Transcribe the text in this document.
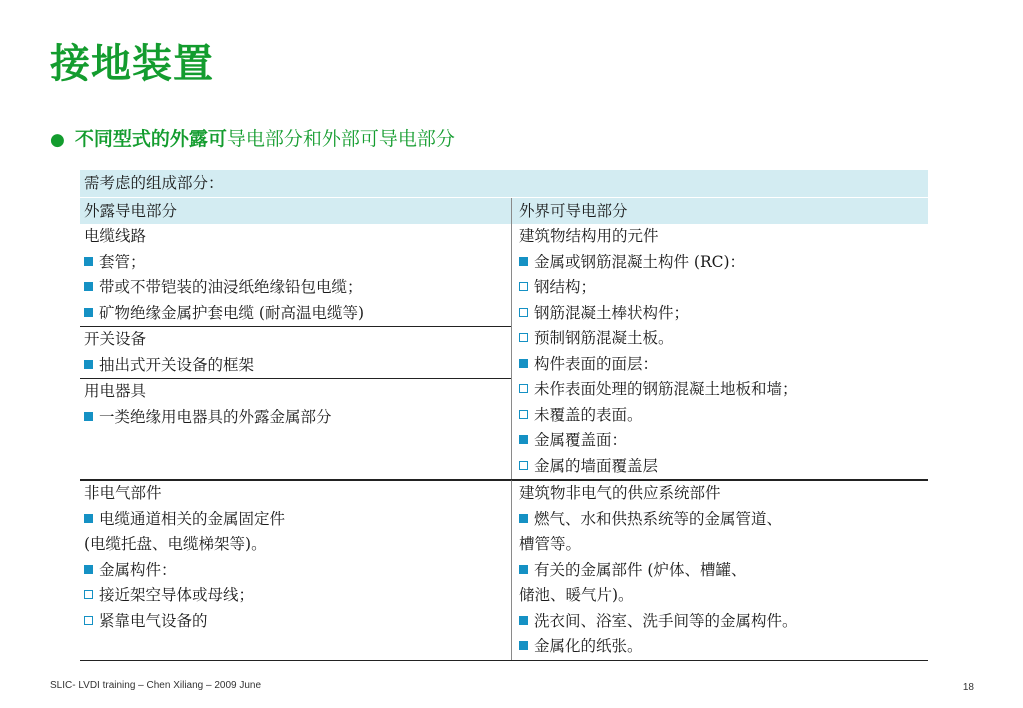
接地装置
● 不同型式的外露可导电部分和外部可导电部分
需考虑的组成部分：
外露导电部分	外界可导电部分
电缆线路
套管；
带或不带铠装的油浸纸绝缘铅包电缆；
矿物绝缘金属护套电缆 (耐高温电缆等)
开关设备
抽出式开关设备的框架
用电器具
一类绝缘用电器具的外露金属部分
建筑物结构用的元件
金属或钢筋混凝土构件 (RC)：
钢结构；
钢筋混凝土棒状构件；
预制钢筋混凝土板。
构件表面的面层：
未作表面处理的钢筋混凝土地板和墙；
未覆盖的表面。
金属覆盖面：
金属的墙面覆盖层
非电气部件
电缆通道相关的金属固定件
(电缆托盘、电缆梯架等)。
金属构件：
接近架空导体或母线；
紧靠电气设备的
建筑物非电气的供应系统部件
燃气、水和供热系统等的金属管道、
槽管等。
有关的金属部件 (炉体、槽罐、
储池、暖气片)。
洗衣间、浴室、洗手间等的金属构件。
金属化的纸张。
SLIC- LVDI training – Chen Xiliang – 2009 June	18
